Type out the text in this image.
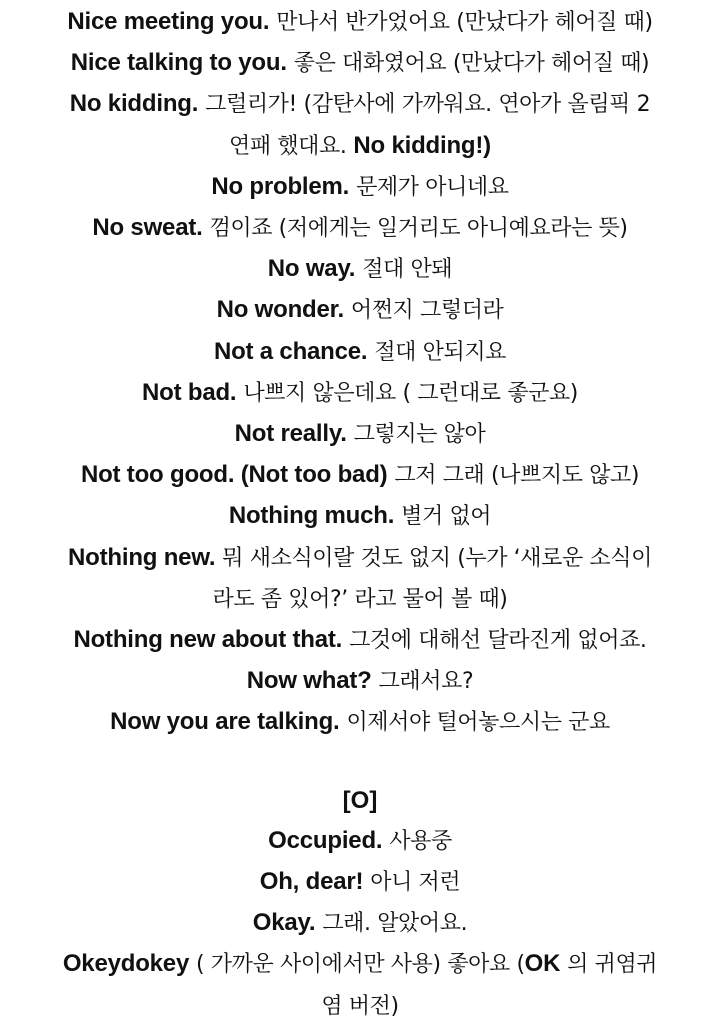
Nice meeting you. 만나서 반가었어요 (만났다가 헤어질 때)
Nice talking to you. 좋은 대화였어요 (만났다가 헤어질 때)
No kidding. 그럴리가! (감탄사에 가까워요. 연아가 올림픽 2
연패 했대요. No kidding!)
No problem. 문제가 아니네요
No sweat. 껌이죠 (저에게는 일거리도 아니예요라는 뜻)
No way. 절대 안돼
No wonder. 어쩐지 그렇더라
Not a chance. 절대 안되지요
Not bad. 나쁘지 않은데요 ( 그런대로 좋군요)
Not really. 그렇지는 않아
Not too good. (Not too bad) 그저 그래 (나쁘지도 않고)
Nothing much. 별거 없어
Nothing new. 뭐 새소식이랄 것도 없지 (누가 ‘새로운 소식이
라도 좀 있어?’ 라고 물어 볼 때)
Nothing new about that. 그것에 대해선 달라진게 없어죠.
Now what? 그래서요?
Now you are talking. 이제서야 털어놓으시는 군요
[O]
Occupied. 사용중
Oh, dear! 아니 저런
Okay. 그래. 알았어요.
Okeydokey ( 가까운 사이에서만 사용) 좋아요 (OK 의 귀염귀
염 버전)
